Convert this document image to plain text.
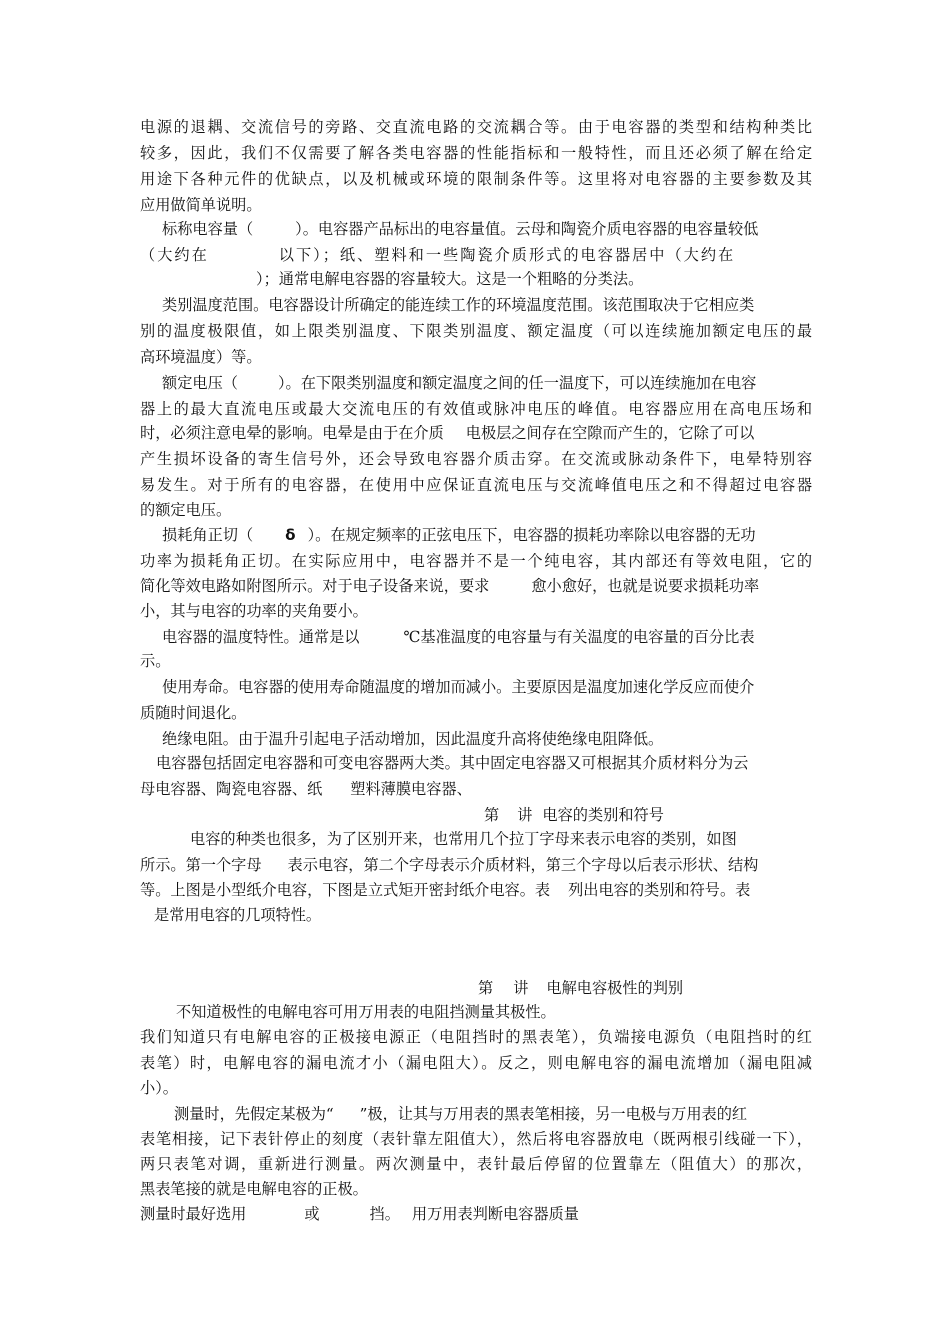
电源的退耦、交流信号的旁路、交直流电路的交流耦合等。由于电容器的类型和结构种类比
较多，因此，我们不仅需要了解各类电容器的性能指标和一般特性，而且还必须了解在给定
用途下各种元件的优缺点，以及机械或环境的限制条件等。这里将对电容器的主要参数及其
应用做简单说明。
标称电容量（	）。电容器产品标出的电容量值。云母和陶瓷介质电容器的电容量较低
（大约在	以下）；纸、塑料和一些陶瓷介质形式的电容器居中（大约在
）；通常电解电容器的容量较大。这是一个粗略的分类法。
类别温度范围。电容器设计所确定的能连续工作的环境温度范围。该范围取决于它相应类
别的温度极限值，如上限类别温度、下限类别温度、额定温度（可以连续施加额定电压的最
高环境温度）等。
额定电压（	）。在下限类别温度和额定温度之间的任一温度下，可以连续施加在电容
器上的最大直流电压或最大交流电压的有效值或脉冲电压的峰值。电容器应用在高电压场和
时，必须注意电晕的影响。电晕是由于在介质 电极层之间存在空隙而产生的，它除了可以
产生损坏设备的寄生信号外，还会导致电容器介质击穿。在交流或脉动条件下，电晕特别容
易发生。对于所有的电容器，在使用中应保证直流电压与交流峰值电压之和不得超过电容器
的额定电压。
损耗角正切（ δ ）。在规定频率的正弦电压下，电容器的损耗功率除以电容器的无功
功率为损耗角正切。在实际应用中，电容器并不是一个纯电容，其内部还有等效电阻，它的
简化等效电路如附图所示。对于电子设备来说，要求	愈小愈好，也就是说要求损耗功率
小，其与电容的功率的夹角要小。
电容器的温度特性。通常是以	℃基准温度的电容量与有关温度的电容量的百分比表
示。
使用寿命。电容器的使用寿命随温度的增加而减小。主要原因是温度加速化学反应而使介
质随时间退化。
绝缘电阻。由于温升引起电子活动增加，因此温度升高将使绝缘电阻降低。
电容器包括固定电容器和可变电容器两大类。其中固定电容器又可根据其介质材料分为云
母电容器、陶瓷电容器、纸 塑料薄膜电容器、
第 讲 电容的类别和符号
电容的种类也很多，为了区别开来，也常用几个拉丁字母来表示电容的类别，如图
所示。第一个字母 表示电容，第二个字母表示介质材料，第三个字母以后表示形状、结构
等。上图是小型纸介电容，下图是立式矩开密封纸介电容。表 列出电容的类别和符号。表
是常用电容的几项特性。
第 讲 电解电容极性的判别
不知道极性的电解电容可用万用表的电阻挡测量其极性。
我们知道只有电解电容的正极接电源正（电阻挡时的黑表笔），负端接电源负（电阻挡时的红
表笔）时，电解电容的漏电流才小（漏电阻大）。反之，则电解电容的漏电流增加（漏电阻减
小）。
测量时，先假定某极为“ ”极，让其与万用表的黑表笔相接，另一电极与万用表的红
表笔相接，记下表针停止的刻度（表针靠左阻值大），然后将电容器放电（既两根引线碰一下），
两只表笔对调，重新进行测量。两次测量中，表针最后停留的位置靠左（阻值大）的那次，
黑表笔接的就是电解电容的正极。
测量时最好选用	或	挡。 用万用表判断电容器质量
